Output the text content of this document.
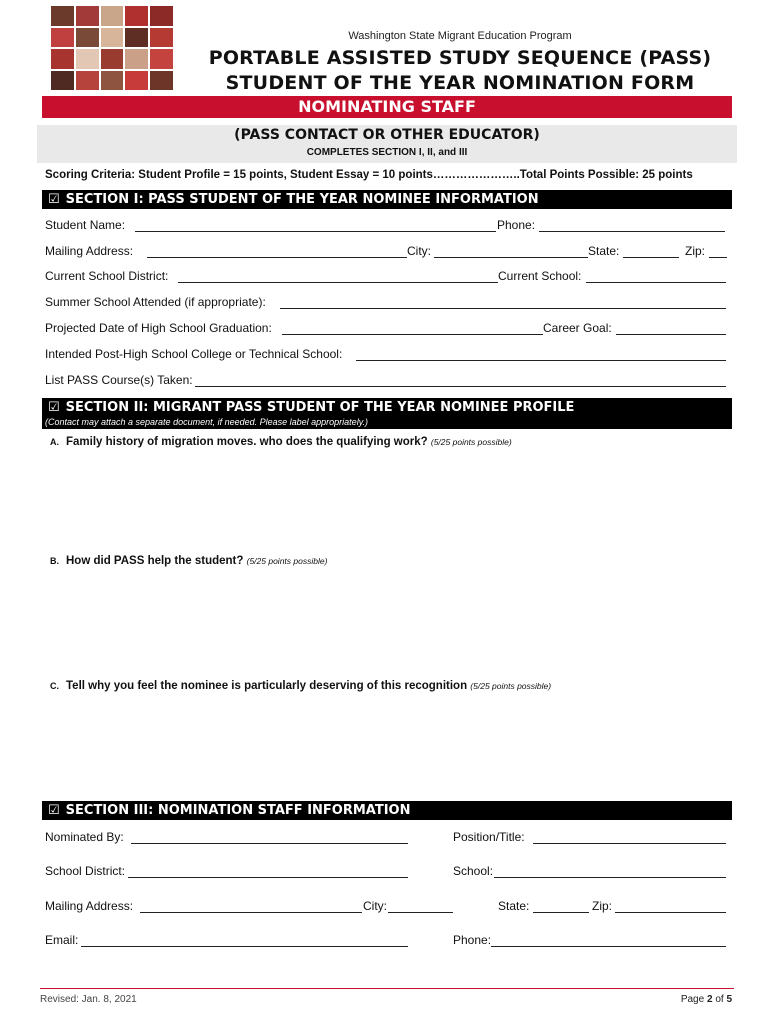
Washington State Migrant Education Program
PORTABLE ASSISTED STUDY SEQUENCE (PASS)
STUDENT OF THE YEAR NOMINATION FORM
NOMINATING STAFF
(PASS CONTACT OR OTHER EDUCATOR)
COMPLETES SECTION I, II, and III
Scoring Criteria: Student Profile = 15 points, Student Essay = 10 points…………………..Total Points Possible: 25 points
☑ SECTION I: PASS STUDENT OF THE YEAR NOMINEE INFORMATION
Student Name:	Phone:
Mailing Address:	City:	State:	Zip:
Current School District:	Current School:
Summer School Attended (if appropriate):
Projected Date of High School Graduation:	Career Goal:
Intended Post-High School College or Technical School:
List PASS Course(s) Taken:
☑ SECTION II: MIGRANT PASS STUDENT OF THE YEAR NOMINEE PROFILE
(Contact may attach a separate document, if needed. Please label appropriately.)
A. Family history of migration moves. who does the qualifying work? (5/25 points possible)
B. How did PASS help the student? (5/25 points possible)
C. Tell why you feel the nominee is particularly deserving of this recognition (5/25 points possible)
☑ SECTION III: NOMINATION STAFF INFORMATION
Nominated By:	Position/Title:
School District:	School:
Mailing Address:	City:	State:	Zip:
Email:	Phone:
Revised: Jan. 8, 2021	Page 2 of 5
